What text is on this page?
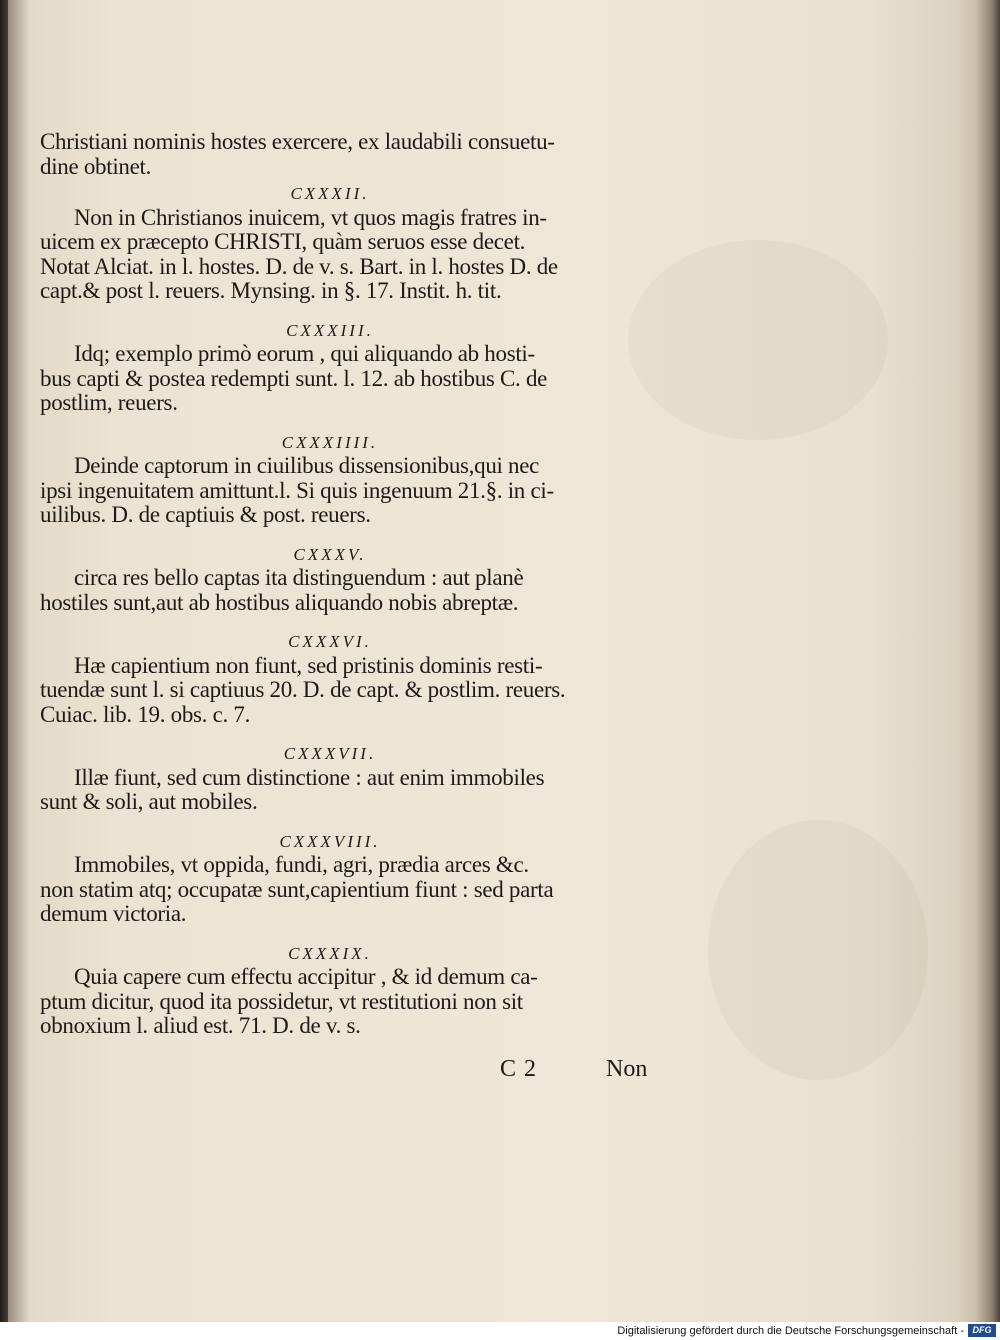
Christiani nominis hostes exercere, ex laudabili consuetu-
dine obtinet.
CXXXII.
Non in Christianos inuicem, vt quos magis fratres in-
uicem ex præcepto CHRISTI, quàm seruos esse decet.
Notat Alciat. in l. hostes. D. de v. s. Bart. in l. hostes D. de
capt.& post l. reuers. Mynsing. in §. 17. Instit. h. tit.
CXXXIII.
Idq; exemplo primò eorum , qui aliquando ab hosti-
bus capti & postea redempti sunt. l. 12. ab hostibus C. de
postlim, reuers.
CXXXIIII.
Deinde captorum in ciuilibus dissensionibus,qui nec
ipsi ingenuitatem amittunt.l. Si quis ingenuum 21.§. in ci-
uilibus. D. de captiuis & post. reuers.
CXXXV.
circa res bello captas ita distinguendum : aut planè
hostiles sunt,aut ab hostibus aliquando nobis abreptæ.
CXXXVI.
Hæ capientium non fiunt, sed pristinis dominis resti-
tuendæ sunt l. si captiuus 20. D. de capt. & postlim. reuers.
Cuiac. lib. 19. obs. c. 7.
CXXXVII.
Illæ fiunt, sed cum distinctione : aut enim immobiles
sunt & soli, aut mobiles.
CXXXVIII.
Immobiles, vt oppida, fundi, agri, prædia arces &c.
non statim atq; occupatæ sunt,capientium fiunt : sed parta
demum victoria.
CXXXIX.
Quia capere cum effectu accipitur , & id demum ca-
ptum dicitur, quod ita possidetur, vt restitutioni non sit
obnoxium l. aliud est. 71. D. de v. s.
C 2	Non
Digitalisierung gefördert durch die Deutsche Forschungsgemeinschaft - DFG
